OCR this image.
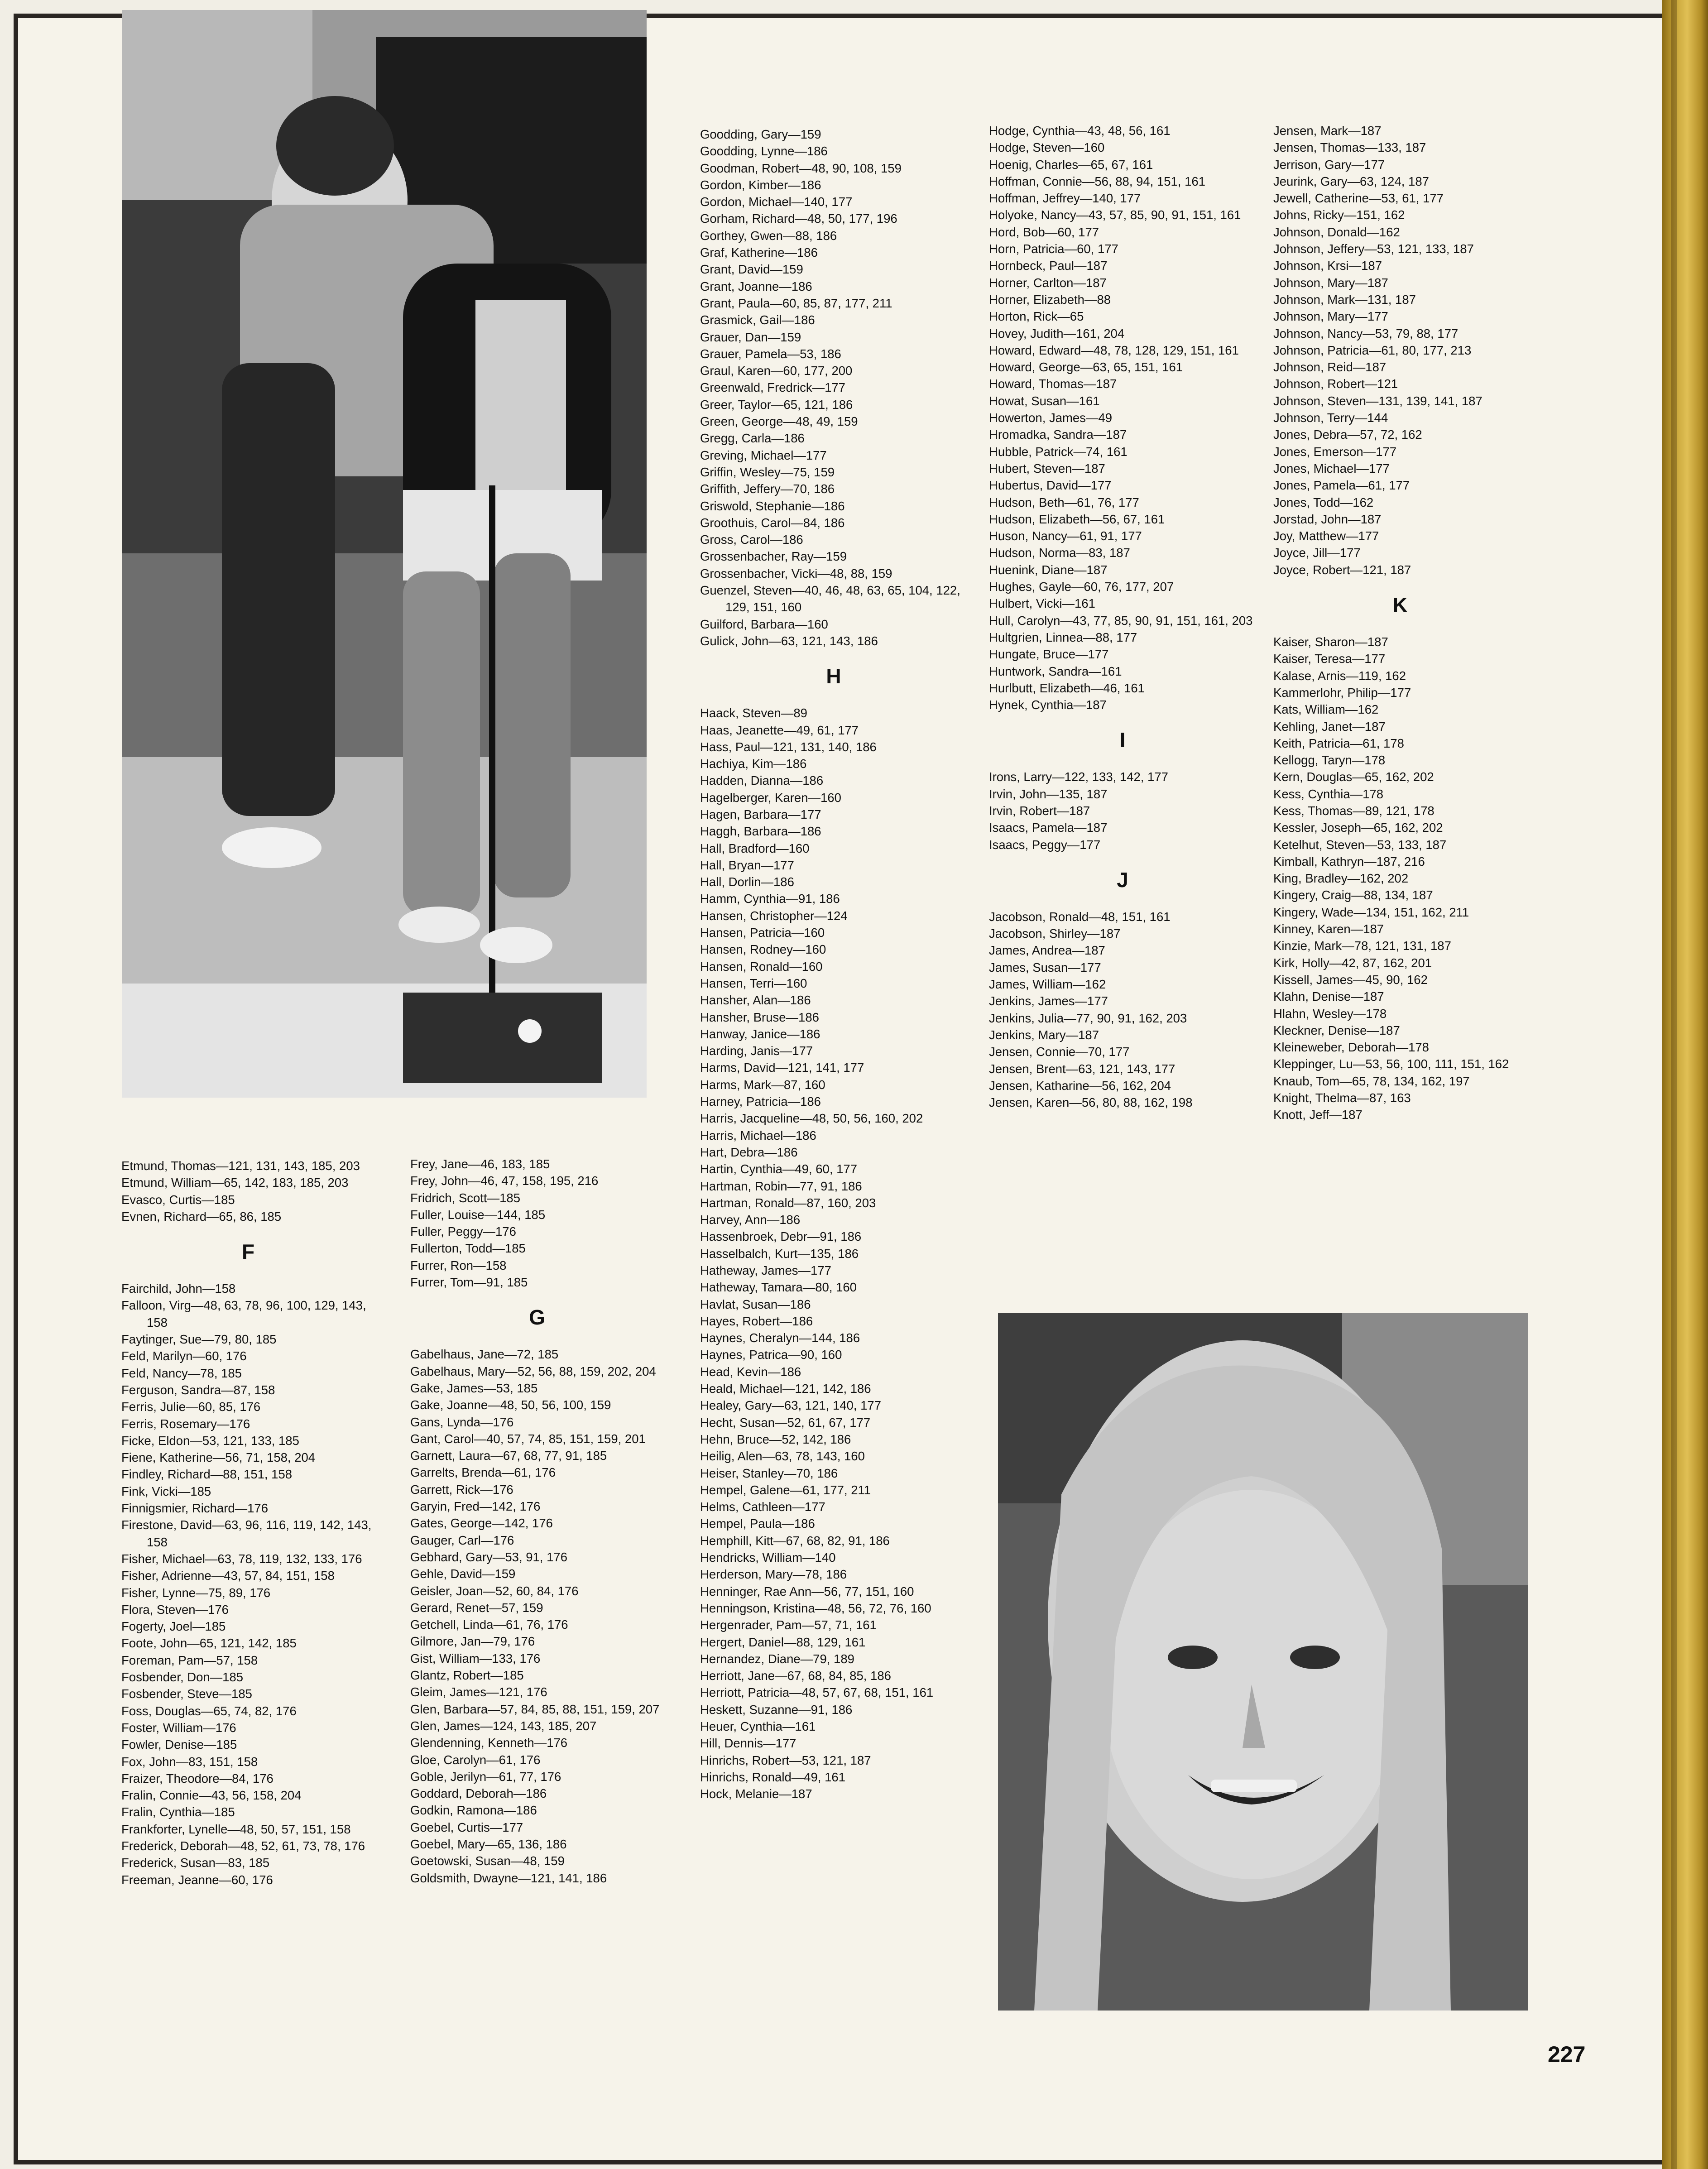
Etmund, Thomas—121, 131, 143, 185, 203

Etmund, William—65, 142, 183, 185, 203

Evasco, Curtis—185

Evnen, Richard—65, 86, 185

F

Fairchild, John—158

Falloon, Virg—48, 63, 78, 96, 100, 129, 143, 158

Faytinger, Sue—79, 80, 185

Feld, Marilyn—60, 176

Feld, Nancy—78, 185

Ferguson, Sandra—87, 158

Ferris, Julie—60, 85, 176

Ferris, Rosemary—176

Ficke, Eldon—53, 121, 133, 185

Fiene, Katherine—56, 71, 158, 204

Findley, Richard—88, 151, 158

Fink, Vicki—185

Finnigsmier, Richard—176

Firestone, David—63, 96, 116, 119, 142, 143, 158

Fisher, Michael—63, 78, 119, 132, 133, 176

Fisher, Adrienne—43, 57, 84, 151, 158

Fisher, Lynne—75, 89, 176

Flora, Steven—176

Fogerty, Joel—185

Foote, John—65, 121, 142, 185

Foreman, Pam—57, 158

Fosbender, Don—185

Fosbender, Steve—185

Foss, Douglas—65, 74, 82, 176

Foster, William—176

Fowler, Denise—185

Fox, John—83, 151, 158

Fraizer, Theodore—84, 176

Fralin, Connie—43, 56, 158, 204

Fralin, Cynthia—185

Frankforter, Lynelle—48, 50, 57, 151, 158

Frederick, Deborah—48, 52, 61, 73, 78, 176

Frederick, Susan—83, 185

Freeman, Jeanne—60, 176

Frey, Jane—46, 183, 185

Frey, John—46, 47, 158, 195, 216

Fridrich, Scott—185

Fuller, Louise—144, 185

Fuller, Peggy—176

Fullerton, Todd—185

Furrer, Ron—158

Furrer, Tom—91, 185

G

Gabelhaus, Jane—72, 185

Gabelhaus, Mary—52, 56, 88, 159, 202, 204

Gake, James—53, 185

Gake, Joanne—48, 50, 56, 100, 159

Gans, Lynda—176

Gant, Carol—40, 57, 74, 85, 151, 159, 201

Garnett, Laura—67, 68, 77, 91, 185

Garrelts, Brenda—61, 176

Garrett, Rick—176

Garyin, Fred—142, 176

Gates, George—142, 176

Gauger, Carl—176

Gebhard, Gary—53, 91, 176

Gehle, David—159

Geisler, Joan—52, 60, 84, 176

Gerard, Renet—57, 159

Getchell, Linda—61, 76, 176

Gilmore, Jan—79, 176

Gist, William—133, 176

Glantz, Robert—185

Gleim, James—121, 176

Glen, Barbara—57, 84, 85, 88, 151, 159, 207

Glen, James—124, 143, 185, 207

Glendenning, Kenneth—176

Gloe, Carolyn—61, 176

Goble, Jerilyn—61, 77, 176

Goddard, Deborah—186

Godkin, Ramona—186

Goebel, Curtis—177

Goebel, Mary—65, 136, 186

Goetowski, Susan—48, 159

Goldsmith, Dwayne—121, 141, 186

Goodding, Gary—159

Goodding, Lynne—186

Goodman, Robert—48, 90, 108, 159

Gordon, Kimber—186

Gordon, Michael—140, 177

Gorham, Richard—48, 50, 177, 196

Gorthey, Gwen—88, 186

Graf, Katherine—186

Grant, David—159

Grant, Joanne—186

Grant, Paula—60, 85, 87, 177, 211

Grasmick, Gail—186

Grauer, Dan—159

Grauer, Pamela—53, 186

Graul, Karen—60, 177, 200

Greenwald, Fredrick—177

Greer, Taylor—65, 121, 186

Green, George—48, 49, 159

Gregg, Carla—186

Greving, Michael—177

Griffin, Wesley—75, 159

Griffith, Jeffery—70, 186

Griswold, Stephanie—186

Groothuis, Carol—84, 186

Gross, Carol—186

Grossenbacher, Ray—159

Grossenbacher, Vicki—48, 88, 159

Guenzel, Steven—40, 46, 48, 63, 65, 104, 122, 129, 151, 160

Guilford, Barbara—160

Gulick, John—63, 121, 143, 186

H

Haack, Steven—89

Haas, Jeanette—49, 61, 177

Hass, Paul—121, 131, 140, 186

Hachiya, Kim—186

Hadden, Dianna—186

Hagelberger, Karen—160

Hagen, Barbara—177

Haggh, Barbara—186

Hall, Bradford—160

Hall, Bryan—177

Hall, Dorlin—186

Hamm, Cynthia—91, 186

Hansen, Christopher—124

Hansen, Patricia—160

Hansen, Rodney—160

Hansen, Ronald—160

Hansen, Terri—160

Hansher, Alan—186

Hansher, Bruse—186

Hanway, Janice—186

Harding, Janis—177

Harms, David—121, 141, 177

Harms, Mark—87, 160

Harney, Patricia—186

Harris, Jacqueline—48, 50, 56, 160, 202

Harris, Michael—186

Hart, Debra—186

Hartin, Cynthia—49, 60, 177

Hartman, Robin—77, 91, 186

Hartman, Ronald—87, 160, 203

Harvey, Ann—186

Hassenbroek, Debr—91, 186

Hasselbalch, Kurt—135, 186

Hatheway, James—177

Hatheway, Tamara—80, 160

Havlat, Susan—186

Hayes, Robert—186

Haynes, Cheralyn—144, 186

Haynes, Patrica—90, 160

Head, Kevin—186

Heald, Michael—121, 142, 186

Healey, Gary—63, 121, 140, 177

Hecht, Susan—52, 61, 67, 177

Hehn, Bruce—52, 142, 186

Heilig, Alen—63, 78, 143, 160

Heiser, Stanley—70, 186

Hempel, Galene—61, 177, 211

Helms, Cathleen—177

Hempel, Paula—186

Hemphill, Kitt—67, 68, 82, 91, 186

Hendricks, William—140

Herderson, Mary—78, 186

Henninger, Rae Ann—56, 77, 151, 160

Henningson, Kristina—48, 56, 72, 76, 160

Hergenrader, Pam—57, 71, 161

Hergert, Daniel—88, 129, 161

Hernandez, Diane—79, 189

Herriott, Jane—67, 68, 84, 85, 186

Herriott, Patricia—48, 57, 67, 68, 151, 161

Heskett, Suzanne—91, 186

Heuer, Cynthia—161

Hill, Dennis—177

Hinrichs, Robert—53, 121, 187

Hinrichs, Ronald—49, 161

Hock, Melanie—187

Hodge, Cynthia—43, 48, 56, 161

Hodge, Steven—160

Hoenig, Charles—65, 67, 161

Hoffman, Connie—56, 88, 94, 151, 161

Hoffman, Jeffrey—140, 177

Holyoke, Nancy—43, 57, 85, 90, 91, 151, 161

Hord, Bob—60, 177

Horn, Patricia—60, 177

Hornbeck, Paul—187

Horner, Carlton—187

Horner, Elizabeth—88

Horton, Rick—65

Hovey, Judith—161, 204

Howard, Edward—48, 78, 128, 129, 151, 161

Howard, George—63, 65, 151, 161

Howard, Thomas—187

Howat, Susan—161

Howerton, James—49

Hromadka, Sandra—187

Hubble, Patrick—74, 161

Hubert, Steven—187

Hubertus, David—177

Hudson, Beth—61, 76, 177

Hudson, Elizabeth—56, 67, 161

Huson, Nancy—61, 91, 177

Hudson, Norma—83, 187

Huenink, Diane—187

Hughes, Gayle—60, 76, 177, 207

Hulbert, Vicki—161

Hull, Carolyn—43, 77, 85, 90, 91, 151, 161, 203

Hultgrien, Linnea—88, 177

Hungate, Bruce—177

Huntwork, Sandra—161

Hurlbutt, Elizabeth—46, 161

Hynek, Cynthia—187

I

Irons, Larry—122, 133, 142, 177

Irvin, John—135, 187

Irvin, Robert—187

Isaacs, Pamela—187

Isaacs, Peggy—177

J

Jacobson, Ronald—48, 151, 161

Jacobson, Shirley—187

James, Andrea—187

James, Susan—177

James, William—162

Jenkins, James—177

Jenkins, Julia—77, 90, 91, 162, 203

Jenkins, Mary—187

Jensen, Connie—70, 177

Jensen, Brent—63, 121, 143, 177

Jensen, Katharine—56, 162, 204

Jensen, Karen—56, 80, 88, 162, 198

Jensen, Mark—187

Jensen, Thomas—133, 187

Jerrison, Gary—177

Jeurink, Gary—63, 124, 187

Jewell, Catherine—53, 61, 177

Johns, Ricky—151, 162

Johnson, Donald—162

Johnson, Jeffery—53, 121, 133, 187

Johnson, Krsi—187

Johnson, Mary—187

Johnson, Mark—131, 187

Johnson, Mary—177

Johnson, Nancy—53, 79, 88, 177

Johnson, Patricia—61, 80, 177, 213

Johnson, Reid—187

Johnson, Robert—121

Johnson, Steven—131, 139, 141, 187

Johnson, Terry—144

Jones, Debra—57, 72, 162

Jones, Emerson—177

Jones, Michael—177

Jones, Pamela—61, 177

Jones, Todd—162

Jorstad, John—187

Joy, Matthew—177

Joyce, Jill—177

Joyce, Robert—121, 187

K

Kaiser, Sharon—187

Kaiser, Teresa—177

Kalase, Arnis—119, 162

Kammerlohr, Philip—177

Kats, William—162

Kehling, Janet—187

Keith, Patricia—61, 178

Kellogg, Taryn—178

Kern, Douglas—65, 162, 202

Kess, Cynthia—178

Kess, Thomas—89, 121, 178

Kessler, Joseph—65, 162, 202

Ketelhut, Steven—53, 133, 187

Kimball, Kathryn—187, 216

King, Bradley—162, 202

Kingery, Craig—88, 134, 187

Kingery, Wade—134, 151, 162, 211

Kinney, Karen—187

Kinzie, Mark—78, 121, 131, 187

Kirk, Holly—42, 87, 162, 201

Kissell, James—45, 90, 162

Klahn, Denise—187

Hlahn, Wesley—178

Kleckner, Denise—187

Kleineweber, Deborah—178

Kleppinger, Lu—53, 56, 100, 111, 151, 162

Knaub, Tom—65, 78, 134, 162, 197

Knight, Thelma—87, 163

Knott, Jeff—187

227
